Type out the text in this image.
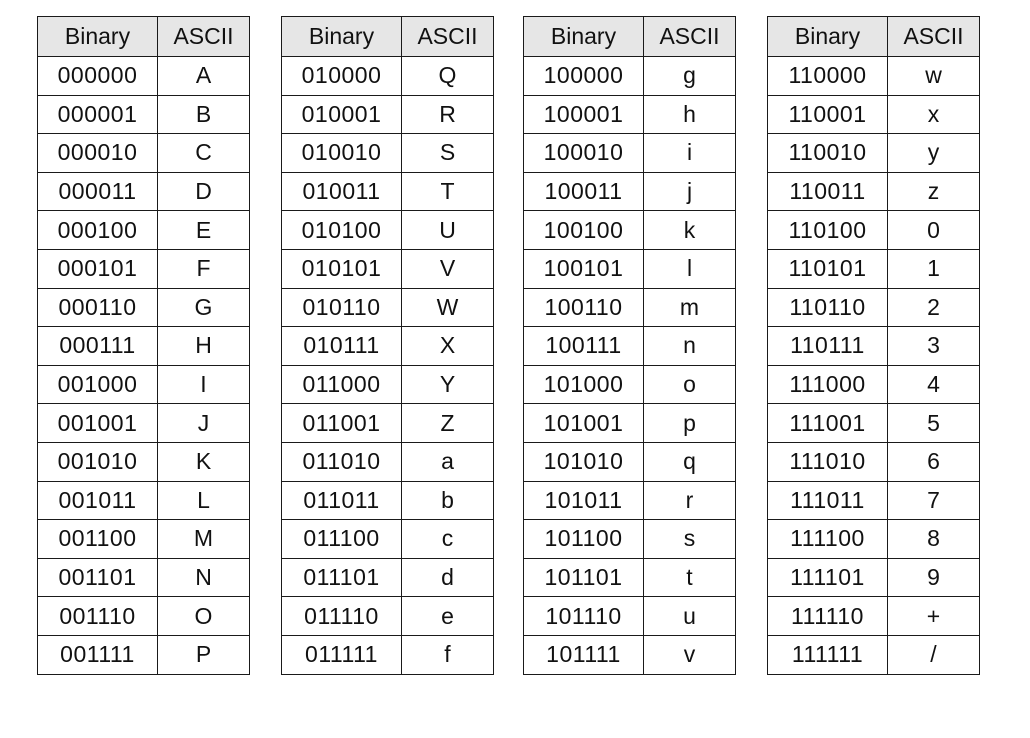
Binary	ASCII
000000	A
000001	B
000010	C
000011	D
000100	E
000101	F
000110	G
000111	H
001000	I
001001	J
001010	K
001011	L
001100	M
001101	N
001110	O
001111	P
Binary	ASCII
010000	Q
010001	R
010010	S
010011	T
010100	U
010101	V
010110	W
010111	X
011000	Y
011001	Z
011010	a
011011	b
011100	c
011101	d
011110	e
011111	f
Binary	ASCII
100000	g
100001	h
100010	i
100011	j
100100	k
100101	l
100110	m
100111	n
101000	o
101001	p
101010	q
101011	r
101100	s
101101	t
101110	u
101111	v
Binary	ASCII
110000	w
110001	x
110010	y
110011	z
110100	0
110101	1
110110	2
110111	3
111000	4
111001	5
111010	6
111011	7
111100	8
111101	9
111110	+
111111	/
